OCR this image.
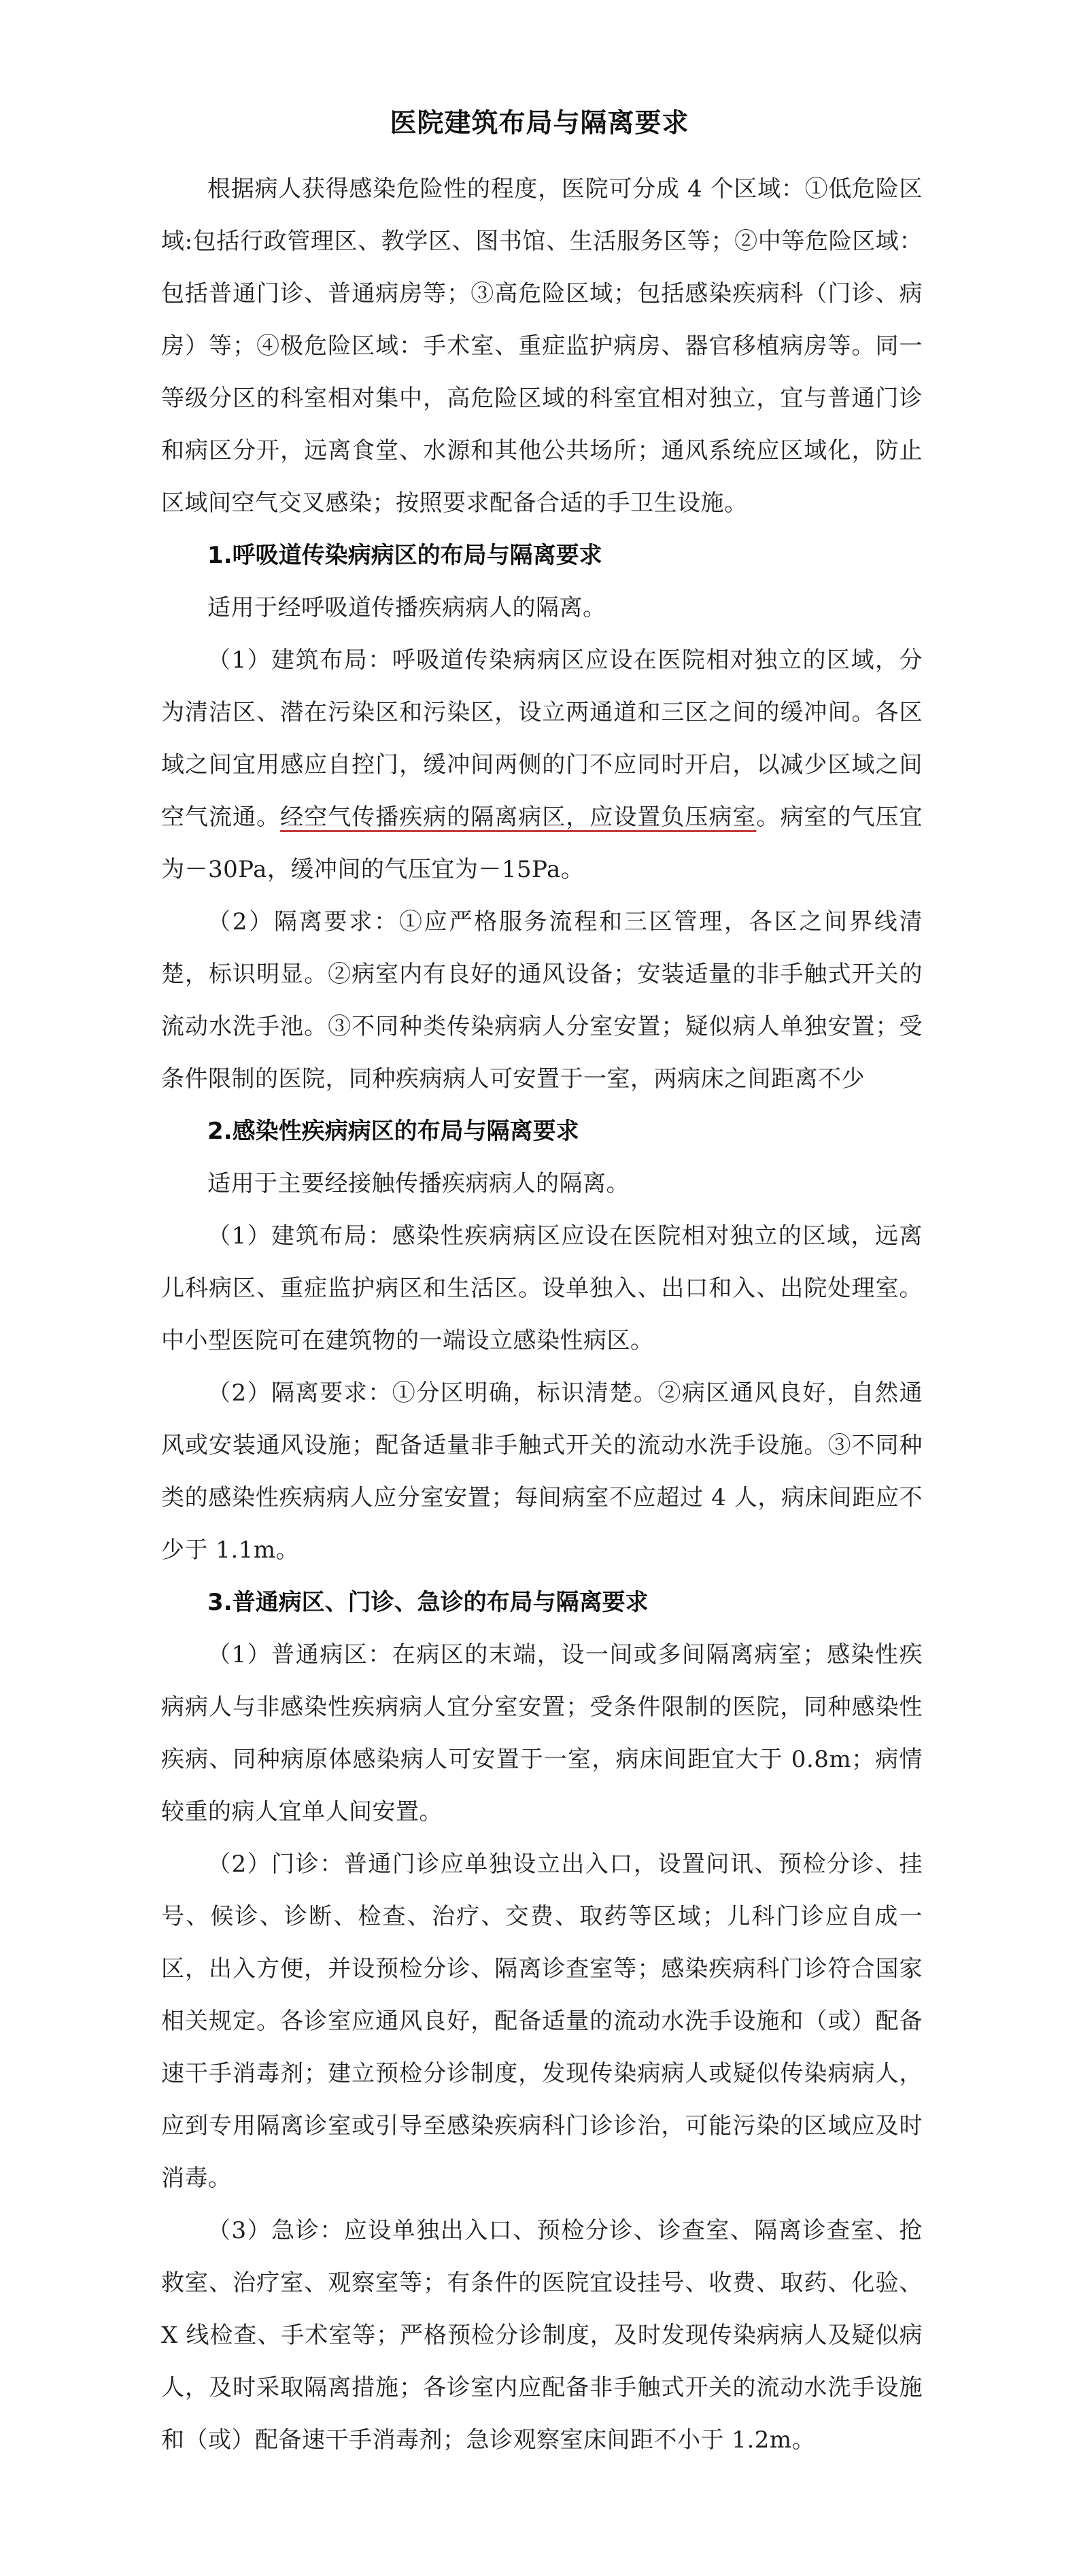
医院建筑布局与隔离要求

根据病人获得感染危险性的程度，医院可分成 4 个区域：①低危险区域:包括行政管理区、教学区、图书馆、生活服务区等；②中等危险区域：包括普通门诊、普通病房等；③高危险区域；包括感染疾病科（门诊、病房）等；④极危险区域：手术室、重症监护病房、器官移植病房等。同一等级分区的科室相对集中，高危险区域的科室宜相对独立，宜与普通门诊和病区分开，远离食堂、水源和其他公共场所；通风系统应区域化，防止区域间空气交叉感染；按照要求配备合适的手卫生设施。

1.呼吸道传染病病区的布局与隔离要求

适用于经呼吸道传播疾病病人的隔离。

（1）建筑布局：呼吸道传染病病区应设在医院相对独立的区域，分为清洁区、潜在污染区和污染区，设立两通道和三区之间的缓冲间。各区域之间宜用感应自控门，缓冲间两侧的门不应同时开启，以减少区域之间空气流通。经空气传播疾病的隔离病区，应设置负压病室。病室的气压宜为－30Pa，缓冲间的气压宜为－15Pa。

（2）隔离要求：①应严格服务流程和三区管理，各区之间界线清楚，标识明显。②病室内有良好的通风设备；安装适量的非手触式开关的流动水洗手池。③不同种类传染病病人分室安置；疑似病人单独安置；受条件限制的医院，同种疾病病人可安置于一室，两病床之间距离不少

2.感染性疾病病区的布局与隔离要求

适用于主要经接触传播疾病病人的隔离。

（1）建筑布局：感染性疾病病区应设在医院相对独立的区域，远离儿科病区、重症监护病区和生活区。设单独入、出口和入、出院处理室。中小型医院可在建筑物的一端设立感染性病区。

（2）隔离要求：①分区明确，标识清楚。②病区通风良好，自然通风或安装通风设施；配备适量非手触式开关的流动水洗手设施。③不同种类的感染性疾病病人应分室安置；每间病室不应超过 4 人，病床间距应不少于 1.1m。

3.普通病区、门诊、急诊的布局与隔离要求

（1）普通病区：在病区的末端，设一间或多间隔离病室；感染性疾病病人与非感染性疾病病人宜分室安置；受条件限制的医院，同种感染性疾病、同种病原体感染病人可安置于一室，病床间距宜大于 0.8m；病情较重的病人宜单人间安置。

（2）门诊：普通门诊应单独设立出入口，设置问讯、预检分诊、挂号、候诊、诊断、检查、治疗、交费、取药等区域；儿科门诊应自成一区，出入方便，并设预检分诊、隔离诊查室等；感染疾病科门诊符合国家相关规定。各诊室应通风良好，配备适量的流动水洗手设施和（或）配备速干手消毒剂；建立预检分诊制度，发现传染病病人或疑似传染病病人，应到专用隔离诊室或引导至感染疾病科门诊诊治，可能污染的区域应及时消毒。

（3）急诊：应设单独出入口、预检分诊、诊查室、隔离诊查室、抢救室、治疗室、观察室等；有条件的医院宜设挂号、收费、取药、化验、X 线检查、手术室等；严格预检分诊制度，及时发现传染病病人及疑似病人，及时采取隔离措施；各诊室内应配备非手触式开关的流动水洗手设施和（或）配备速干手消毒剂；急诊观察室床间距不小于 1.2m。
